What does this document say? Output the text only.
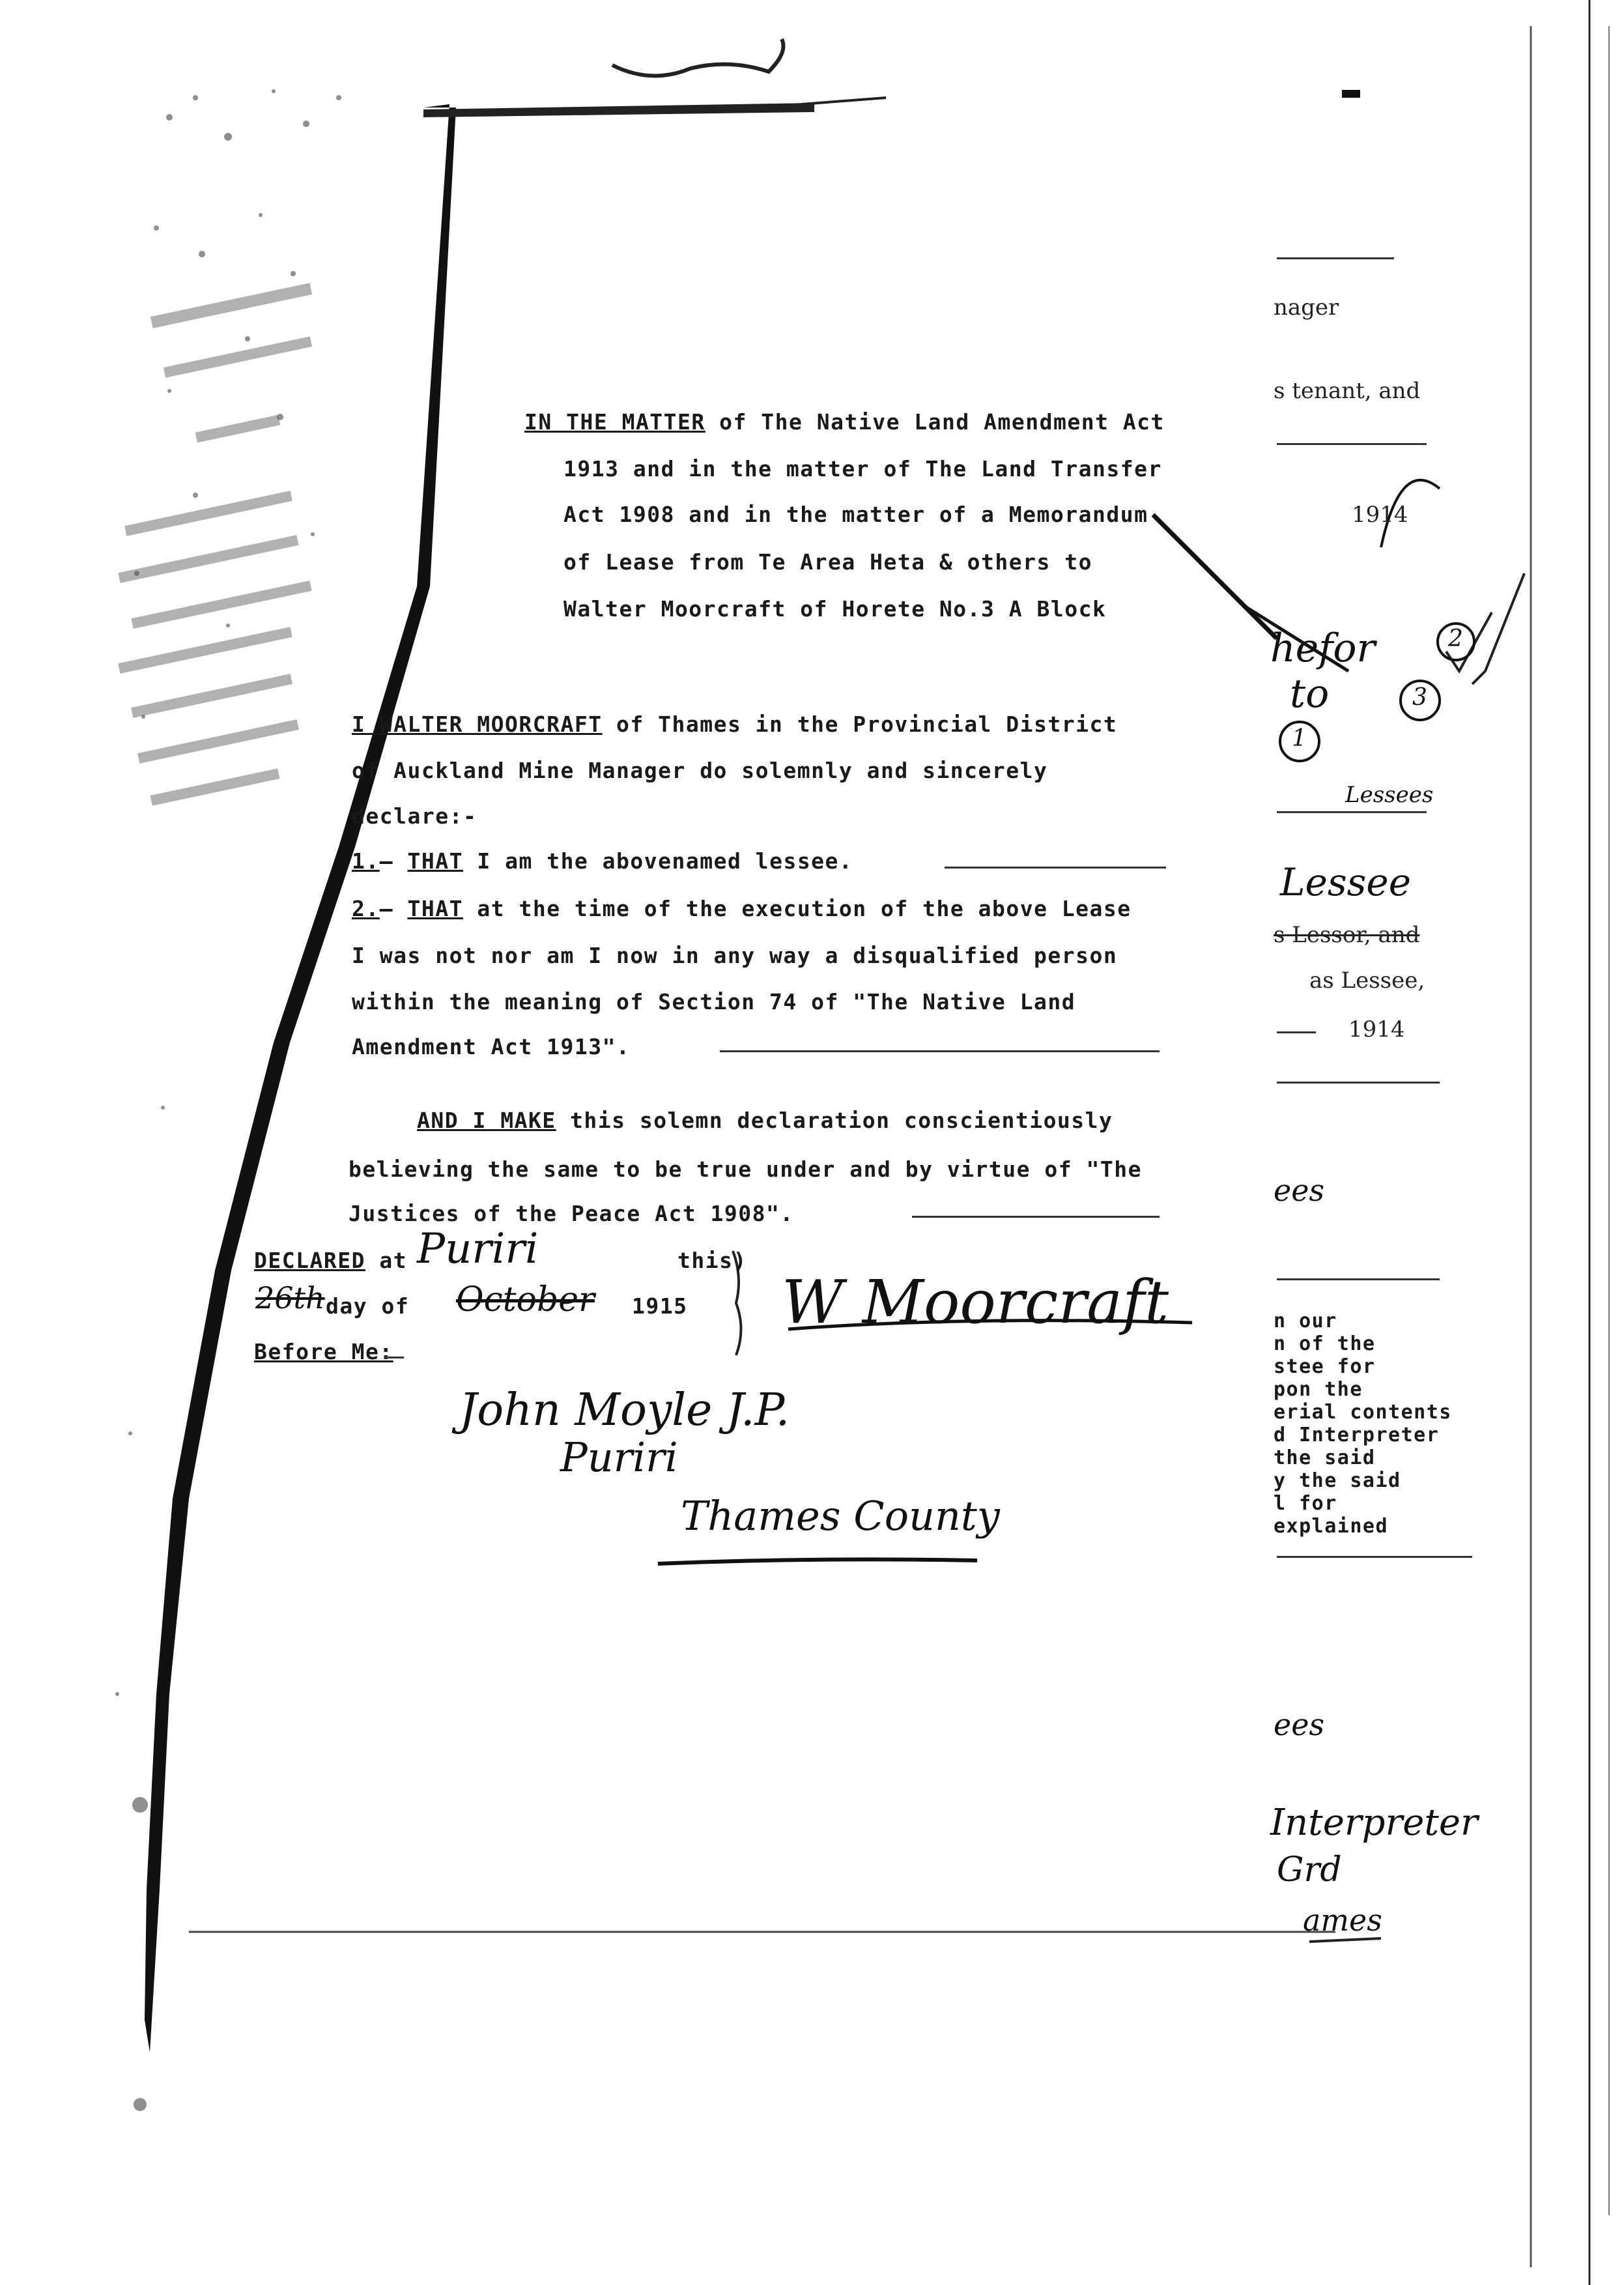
nager
s tenant, and
1914
hefor
to
1
2
3
Lessees
Lessee
s Lessor, and
as Lessee,
1914
ees
n our
n of the
stee for
pon the
erial contents
d Interpreter
the said
y the said
l for
explained
ees
Interpreter
Grd
ames
IN THE MATTER of The Native Land Amendment Act
1913 and in the matter of The Land Transfer
Act 1908 and in the matter of a Memorandum
of Lease from Te Area Heta & others to
Walter Moorcraft of Horete No.3 A Block
I WALTER MOORCRAFT of Thames in the Provincial District
of Auckland Mine Manager do solemnly and sincerely
declare:-
1.— THAT I am the abovenamed lessee.
2.— THAT at the time of the execution of the above Lease
I was not nor am I now in any way a disqualified person
within the meaning of Section 74 of "The Native Land
Amendment Act 1913".
AND I MAKE this solemn declaration conscientiously
believing the same to be true under and by virtue of "The
Justices of the Peace Act 1908".
DECLARED at Puriri	this)
26th day of October 1915
Before Me:
W Moorcraft
John Moyle J.P.
Puriri
Thames County
